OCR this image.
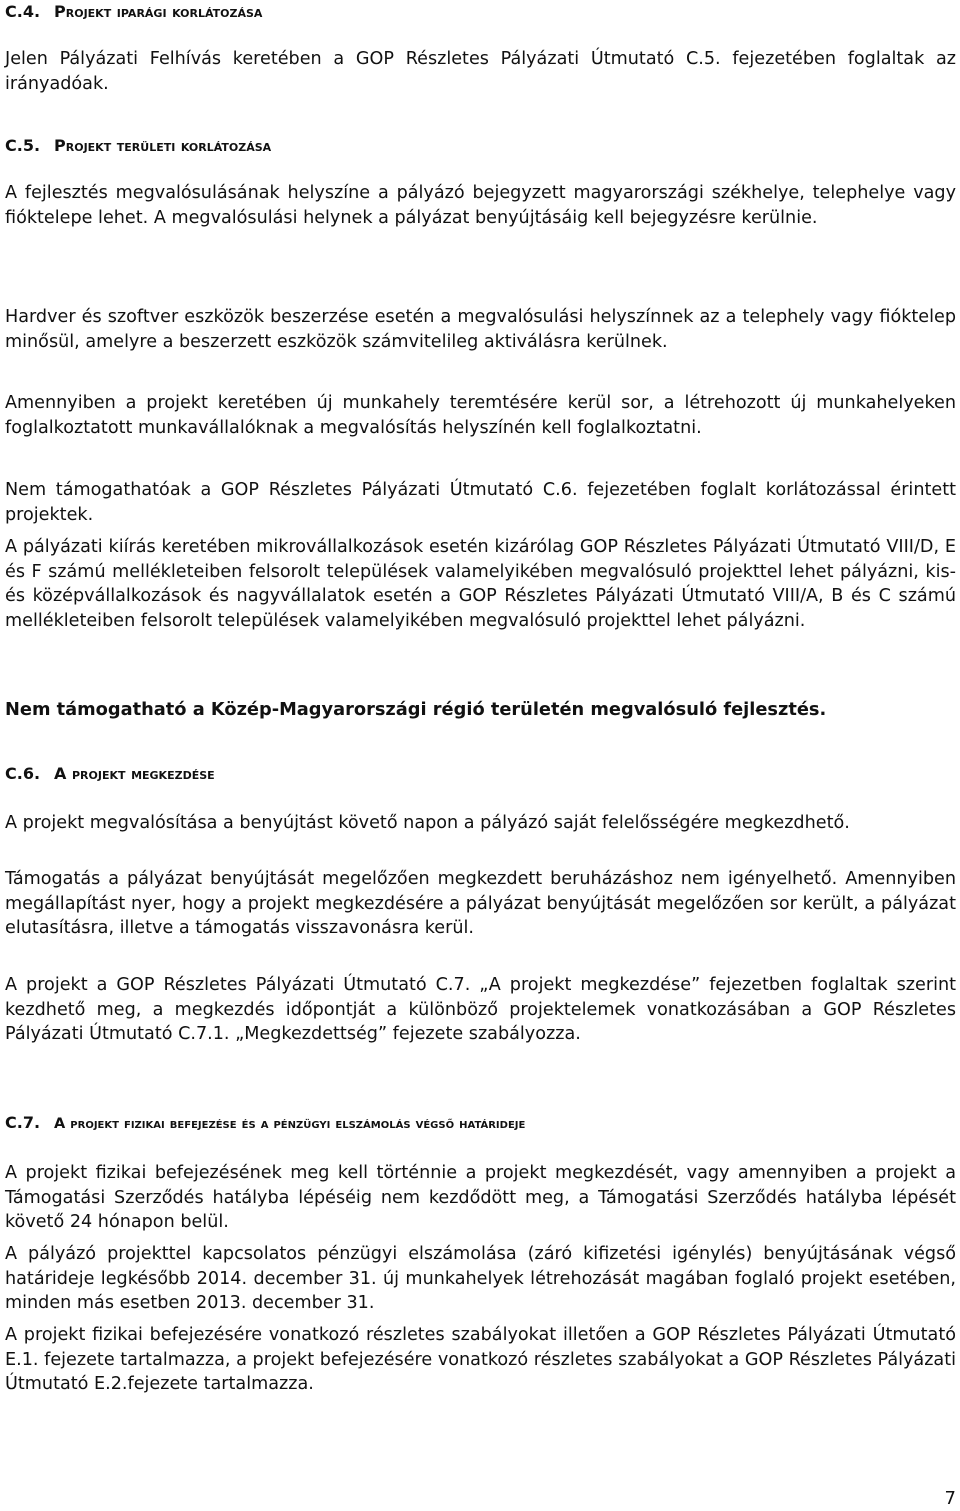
C.4. Projekt iparági korlátozása

Jelen Pályázati Felhívás keretében a GOP Részletes Pályázati Útmutató C.5. fejezetében foglaltak az irányadóak.

C.5. Projekt területi korlátozása

A fejlesztés megvalósulásának helyszíne a pályázó bejegyzett magyarországi székhelye, telephelye vagy fióktelepe lehet. A megvalósulási helynek a pályázat benyújtásáig kell bejegyzésre kerülnie.

Hardver és szoftver eszközök beszerzése esetén a megvalósulási helyszínnek az a telephely vagy fióktelep minősül, amelyre a beszerzett eszközök számvitelileg aktiválásra kerülnek.

Amennyiben a projekt keretében új munkahely teremtésére kerül sor, a létrehozott új munkahelyeken foglalkoztatott munkavállalóknak a megvalósítás helyszínén kell foglalkoztatni.

Nem támogathatóak a GOP Részletes Pályázati Útmutató C.6. fejezetében foglalt korlátozással érintett projektek.

A pályázati kiírás keretében mikrovállalkozások esetén kizárólag GOP Részletes Pályázati Útmutató VIII/D, E és F számú mellékleteiben felsorolt települések valamelyikében megvalósuló projekttel lehet pályázni, kis- és középvállalkozások és nagyvállalatok esetén a GOP Részletes Pályázati Útmutató VIII/A, B és C számú mellékleteiben felsorolt települések valamelyikében megvalósuló projekttel lehet pályázni.

Nem támogatható a Közép-Magyarországi régió területén megvalósuló fejlesztés.

C.6. A projekt megkezdése

A projekt megvalósítása a benyújtást követő napon a pályázó saját felelősségére megkezdhető.

Támogatás a pályázat benyújtását megelőzően megkezdett beruházáshoz nem igényelhető. Amennyiben megállapítást nyer, hogy a projekt megkezdésére a pályázat benyújtását megelőzően sor került, a pályázat elutasításra, illetve a támogatás visszavonásra kerül.

A projekt a GOP Részletes Pályázati Útmutató C.7. „A projekt megkezdése” fejezetben foglaltak szerint kezdhető meg, a megkezdés időpontját a különböző projektelemek vonatkozásában a GOP Részletes Pályázati Útmutató C.7.1. „Megkezdettség” fejezete szabályozza.

C.7. A projekt fizikai befejezése és a pénzügyi elszámolás végső határideje

A projekt fizikai befejezésének meg kell történnie a projekt megkezdését, vagy amennyiben a projekt a Támogatási Szerződés hatályba lépéséig nem kezdődött meg, a Támogatási Szerződés hatályba lépését követő 24 hónapon belül.

A pályázó projekttel kapcsolatos pénzügyi elszámolása (záró kifizetési igénylés) benyújtásának végső határideje legkésőbb 2014. december 31. új munkahelyek létrehozását magában foglaló projekt esetében, minden más esetben 2013. december 31.

A projekt fizikai befejezésére vonatkozó részletes szabályokat illetően a GOP Részletes Pályázati Útmutató E.1. fejezete tartalmazza, a projekt befejezésére vonatkozó részletes szabályokat a GOP Részletes Pályázati Útmutató E.2.fejezete tartalmazza.

7
